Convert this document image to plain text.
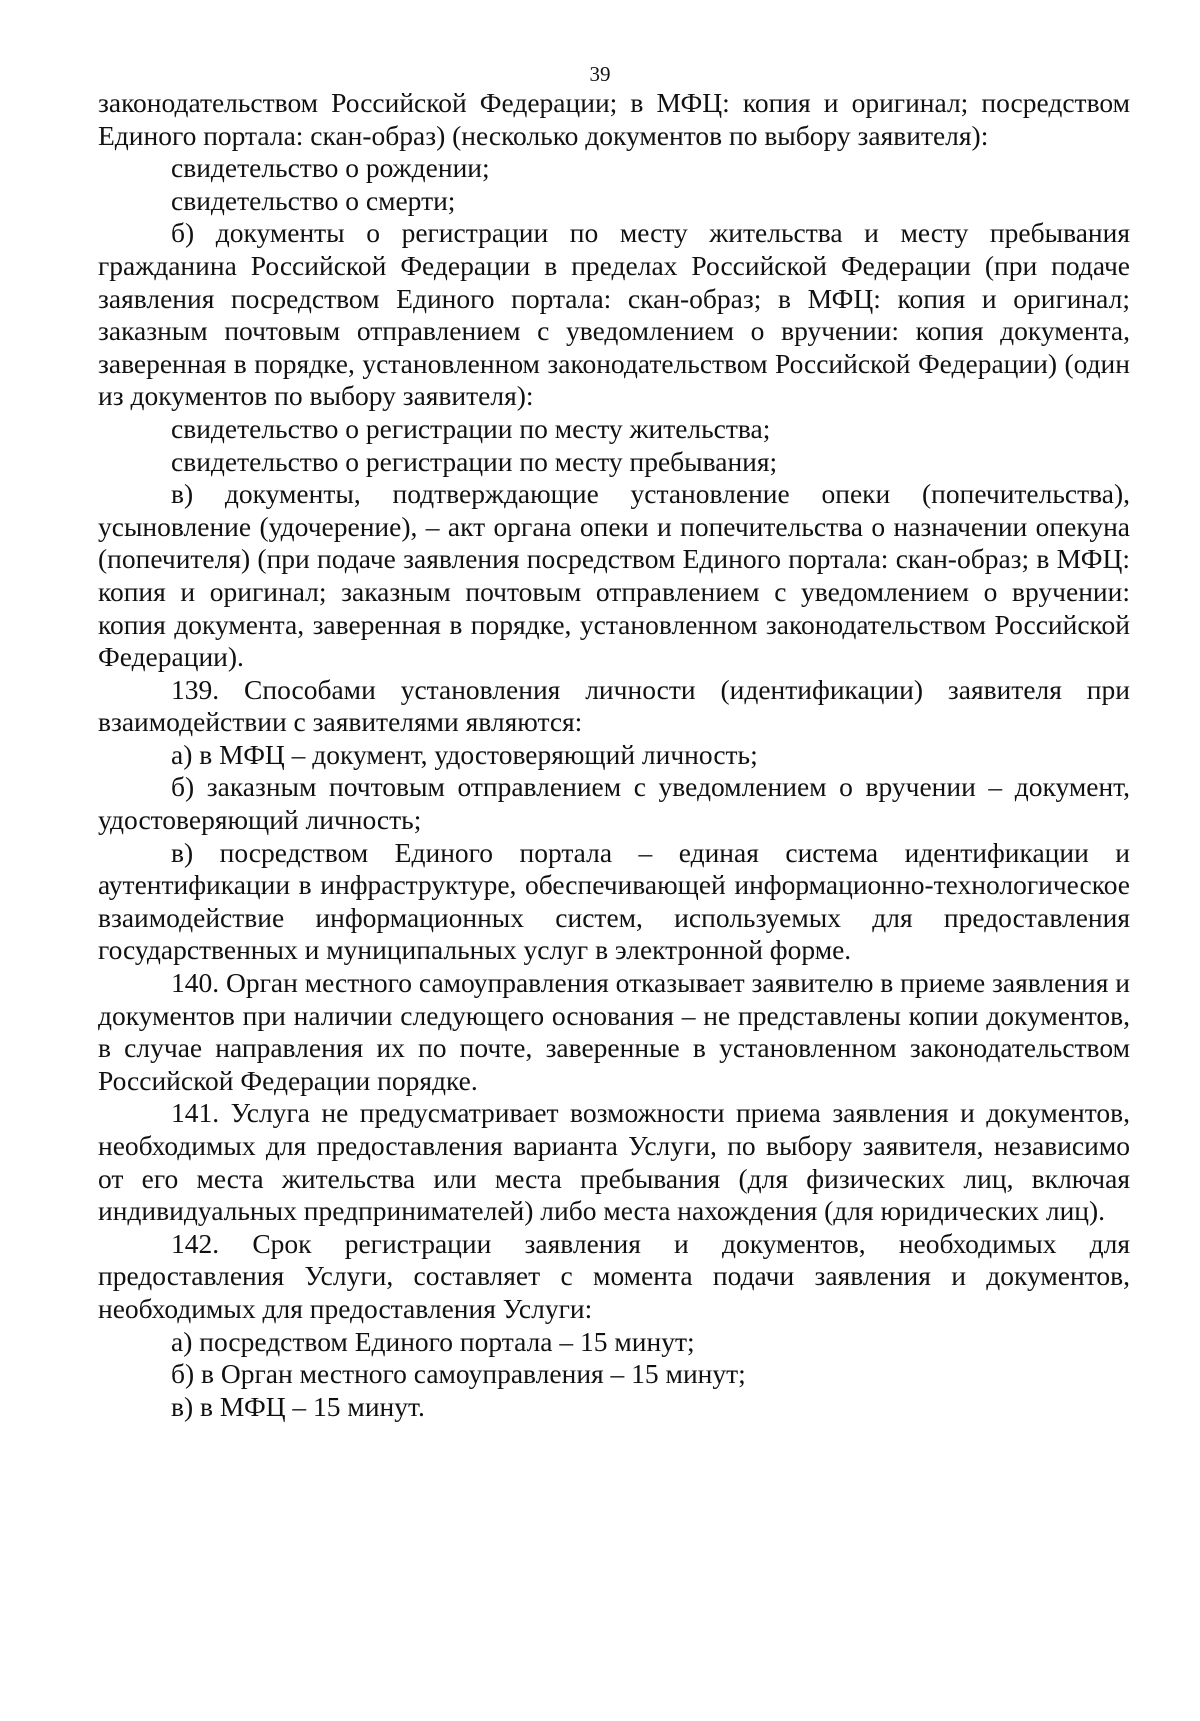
39

законодательством Российской Федерации; в МФЦ: копия и оригинал; посредством Единого портала: скан-образ) (несколько документов по выбору заявителя):

свидетельство о рождении;

свидетельство о смерти;

б) документы о регистрации по месту жительства и месту пребывания гражданина Российской Федерации в пределах Российской Федерации (при подаче заявления посредством Единого портала: скан-образ; в МФЦ: копия и оригинал; заказным почтовым отправлением с уведомлением о вручении: копия документа, заверенная в порядке, установленном законодательством Российской Федерации) (один из документов по выбору заявителя):

свидетельство о регистрации по месту жительства;

свидетельство о регистрации по месту пребывания;

в) документы, подтверждающие установление опеки (попечительства), усыновление (удочерение), – акт органа опеки и попечительства о назначении опекуна (попечителя) (при подаче заявления посредством Единого портала: скан-образ; в МФЦ: копия и оригинал; заказным почтовым отправлением с уведомлением о вручении: копия документа, заверенная в порядке, установленном законодательством Российской Федерации).

139. Способами установления личности (идентификации) заявителя при взаимодействии с заявителями являются:

а) в МФЦ – документ, удостоверяющий личность;

б) заказным почтовым отправлением с уведомлением о вручении – документ, удостоверяющий личность;

в) посредством Единого портала – единая система идентификации и аутентификации в инфраструктуре, обеспечивающей информационно-технологическое взаимодействие информационных систем, используемых для предоставления государственных и муниципальных услуг в электронной форме.

140. Орган местного самоуправления отказывает заявителю в приеме заявления и документов при наличии следующего основания – не представлены копии документов, в случае направления их по почте, заверенные в установленном законодательством Российской Федерации порядке.

141. Услуга не предусматривает возможности приема заявления и документов, необходимых для предоставления варианта Услуги, по выбору заявителя, независимо от его места жительства или места пребывания (для физических лиц, включая индивидуальных предпринимателей) либо места нахождения (для юридических лиц).

142. Срок регистрации заявления и документов, необходимых для предоставления Услуги, составляет с момента подачи заявления и документов, необходимых для предоставления Услуги:

а) посредством Единого портала – 15 минут;

б) в Орган местного самоуправления – 15 минут;

в) в МФЦ – 15 минут.
